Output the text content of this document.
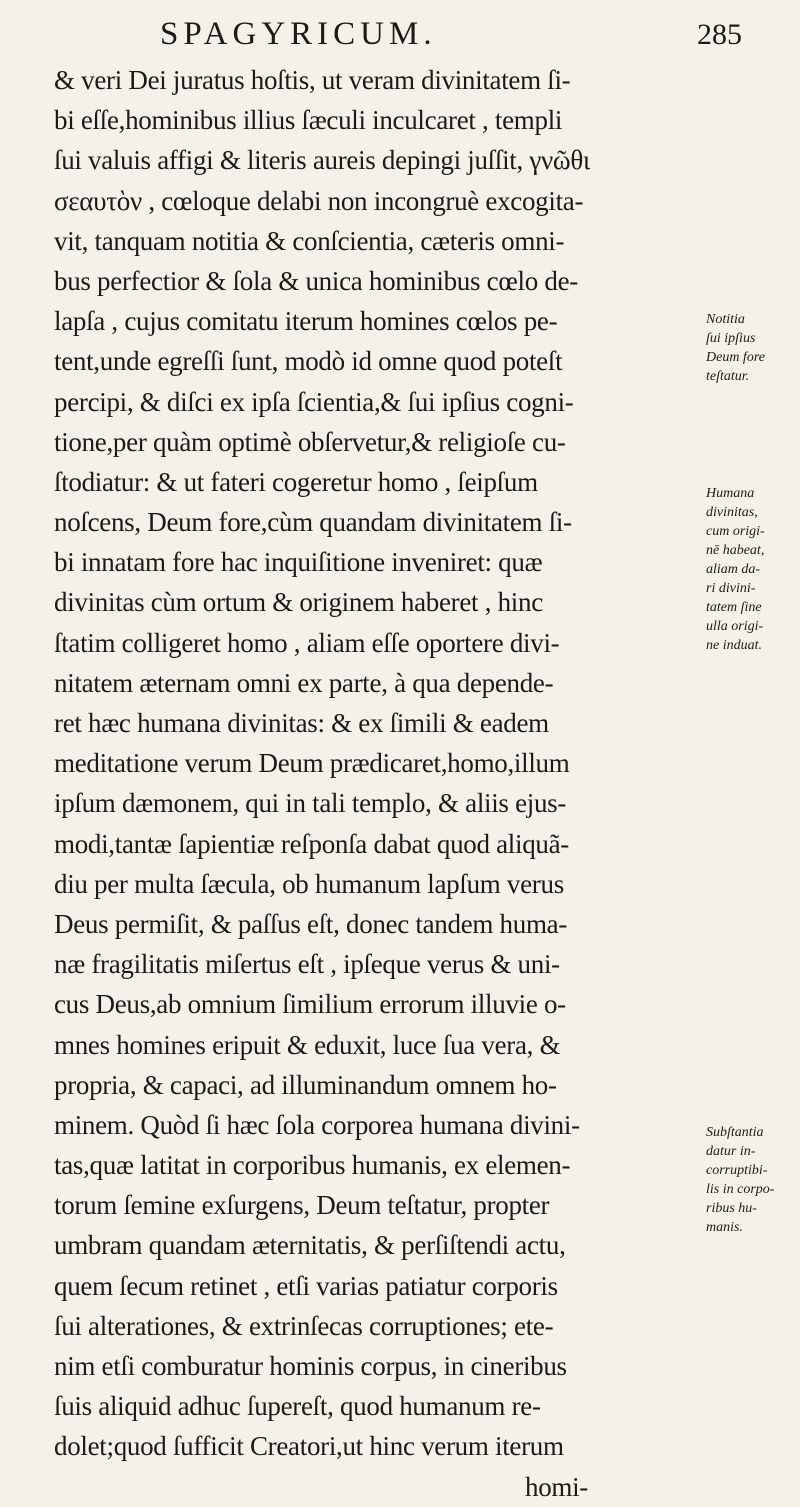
SPAGYRICUM.	285
& veri Dei juratus hoſtis, ut veram divinitatem ſi-
bi eſſe,hominibus illius ſæculi inculcaret , templi
ſui valuis affigi & literis aureis depingi juſſit, γνῶθι
σεαυτὸν , cœloque delabi non incongruè excogita-
vit, tanquam notitia & conſcientia, cæteris omni-
bus perfectior & ſola & unica hominibus cœlo de-
lapſa , cujus comitatu iterum homines cœlos pe-
tent,unde egreſſi ſunt, modò id omne quod poteſt
percipi, & diſci ex ipſa ſcientia,& ſui ipſius cogni-
tione,per quàm optimè obſervetur,& religioſe cu-
ſtodiatur: & ut fateri cogeretur homo , ſeipſum
noſcens, Deum fore,cùm quandam divinitatem ſi-
bi innatam fore hac inquiſitione inveniret: quæ
divinitas cùm ortum & originem haberet , hinc
ſtatim colligeret homo , aliam eſſe oportere divi-
nitatem æternam omni ex parte, à qua depende-
ret hæc humana divinitas: & ex ſimili & eadem
meditatione verum Deum prædicaret,homo,illum
ipſum dæmonem, qui in tali templo, & aliis ejus-
modi,tantæ ſapientiæ reſponſa dabat quod aliquã-
diu per multa ſæcula, ob humanum lapſum verus
Deus permiſit, & paſſus eſt, donec tandem huma-
næ fragilitatis miſertus eſt , ipſeque verus & uni-
cus Deus,ab omnium ſimilium errorum illuvie o-
mnes homines eripuit & eduxit, luce ſua vera, &
propria, & capaci, ad illuminandum omnem ho-
minem. Quòd ſi hæc ſola corporea humana divini-
tas,quæ latitat in corporibus humanis, ex elemen-
torum ſemine exſurgens, Deum teſtatur, propter
umbram quandam æternitatis, & perſiſtendi actu,
quem ſecum retinet , etſi varias patiatur corporis
ſui alterationes, & extrinſecas corruptiones; ete-
nim etſi comburatur hominis corpus, in cineribus
ſuis aliquid adhuc ſupereſt, quod humanum re-
dolet;quod ſufficit Creatori,ut hinc verum iterum
homi-
Notitia
ſui ipſius
Deum fore
teſtatur.
Humana
divinitas,
cum origi-
nē habeat,
aliam da-
ri divini-
tatem ſine
ulla origi-
ne induat.
Subſtantia
datur in-
corruptibi-
lis in corpo-
ribus hu-
manis.
